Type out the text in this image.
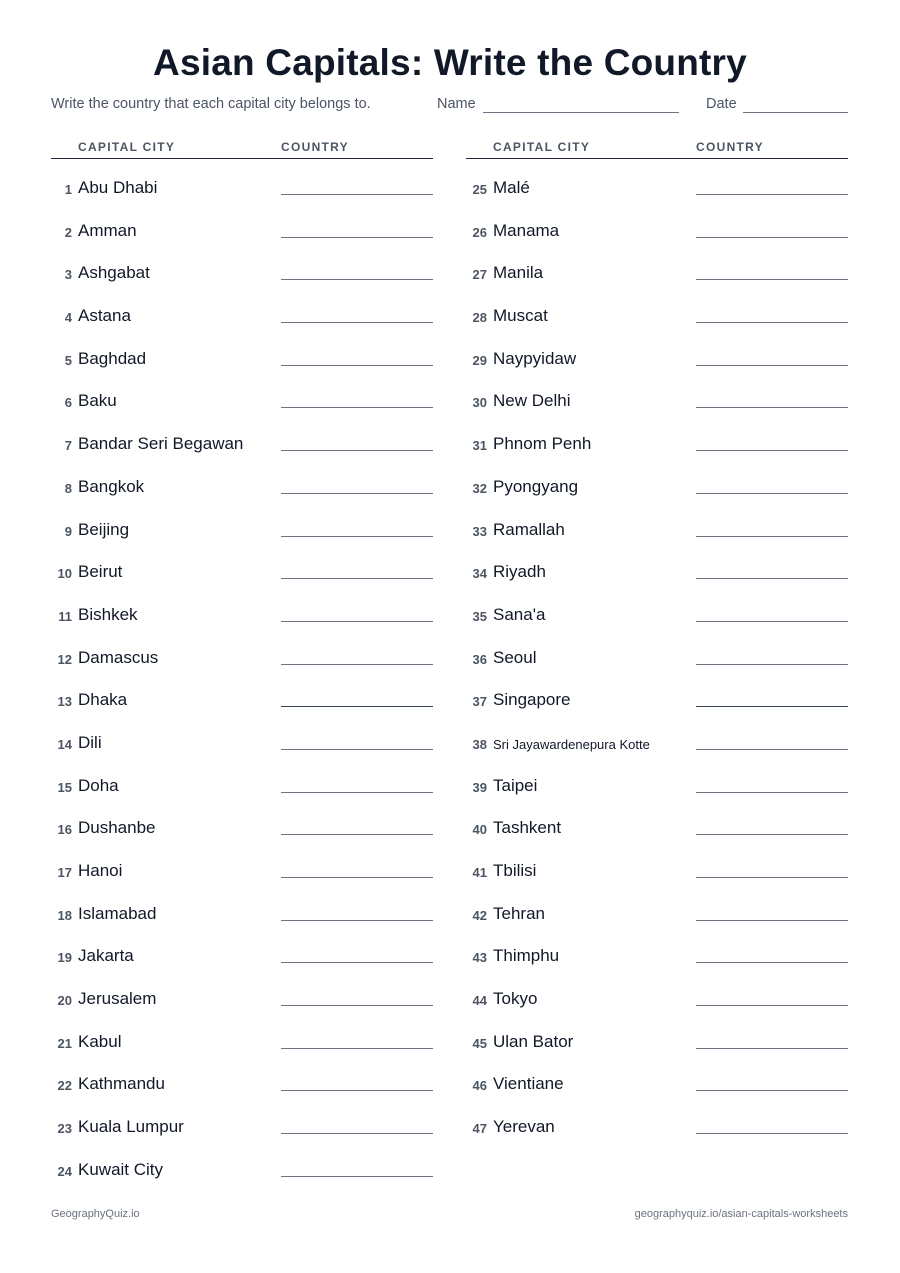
Asian Capitals: Write the Country
Write the country that each capital city belongs to.	Name	Date
CAPITAL CITY	COUNTRY
1 Abu Dhabi
2 Amman
3 Ashgabat
4 Astana
5 Baghdad
6 Baku
7 Bandar Seri Begawan
8 Bangkok
9 Beijing
10 Beirut
11 Bishkek
12 Damascus
13 Dhaka
14 Dili
15 Doha
16 Dushanbe
17 Hanoi
18 Islamabad
19 Jakarta
20 Jerusalem
21 Kabul
22 Kathmandu
23 Kuala Lumpur
24 Kuwait City
CAPITAL CITY	COUNTRY
25 Malé
26 Manama
27 Manila
28 Muscat
29 Naypyidaw
30 New Delhi
31 Phnom Penh
32 Pyongyang
33 Ramallah
34 Riyadh
35 Sana'a
36 Seoul
37 Singapore
38 Sri Jayawardenepura Kotte
39 Taipei
40 Tashkent
41 Tbilisi
42 Tehran
43 Thimphu
44 Tokyo
45 Ulan Bator
46 Vientiane
47 Yerevan
GeographyQuiz.io	geographyquiz.io/asian-capitals-worksheets
